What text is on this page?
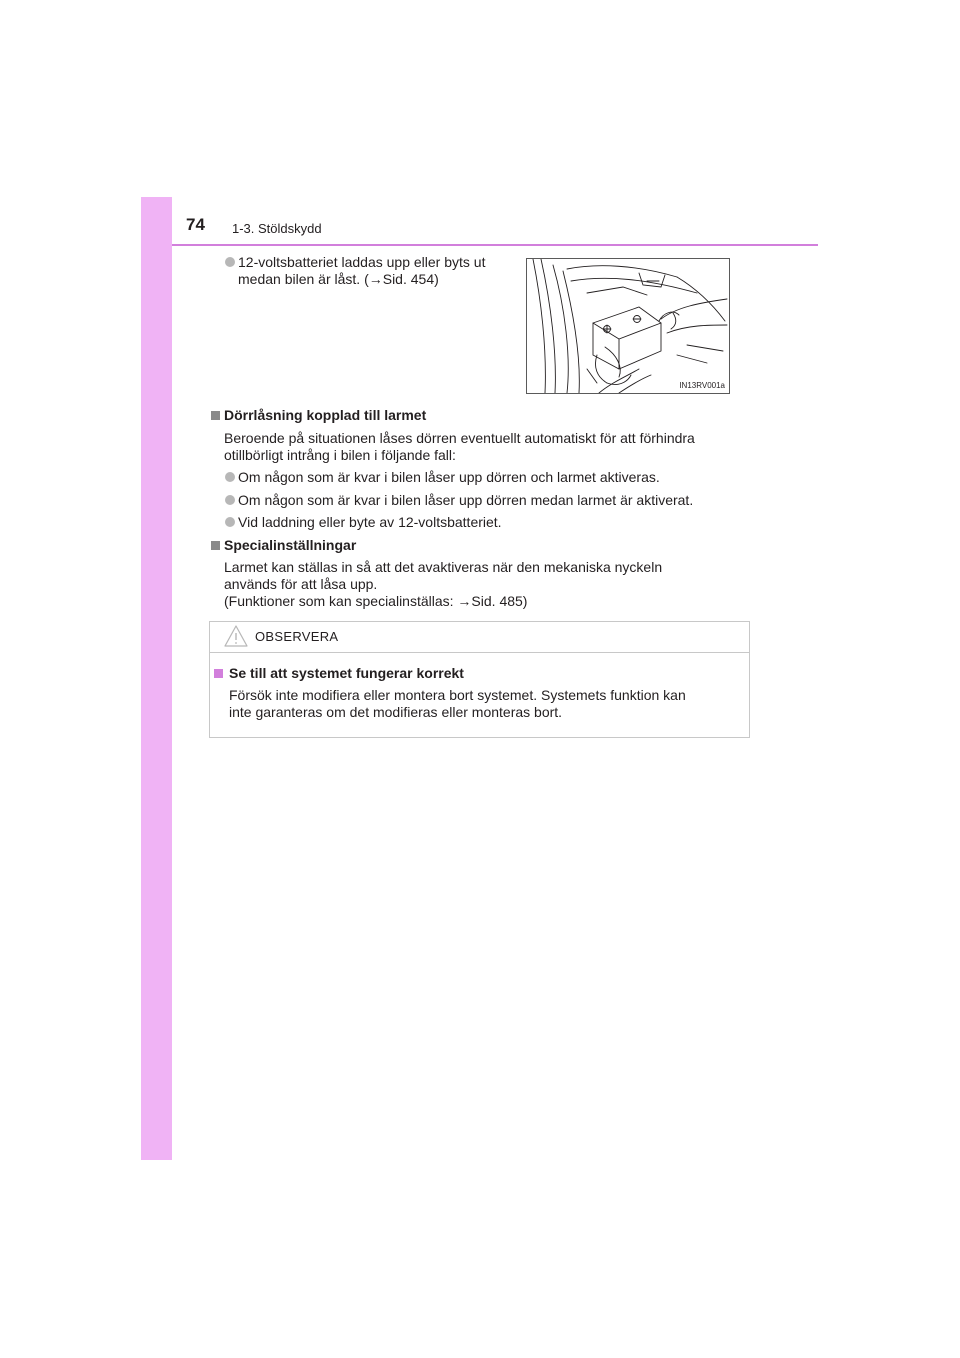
74 1-3. Stöldskydd
12-voltsbatteriet laddas upp eller byts ut
medan bilen är låst. (→Sid. 454)
IN13RV001a
Dörrlåsning kopplad till larmet
Beroende på situationen låses dörren eventuellt automatiskt för att förhindra
otillbörligt intrång i bilen i följande fall:
Om någon som är kvar i bilen låser upp dörren och larmet aktiveras.
Om någon som är kvar i bilen låser upp dörren medan larmet är aktiverat.
Vid laddning eller byte av 12-voltsbatteriet.
Specialinställningar
Larmet kan ställas in så att det avaktiveras när den mekaniska nyckeln
används för att låsa upp.
(Funktioner som kan specialinställas: →Sid. 485)
OBSERVERA
Se till att systemet fungerar korrekt
Försök inte modifiera eller montera bort systemet. Systemets funktion kan
inte garanteras om det modifieras eller monteras bort.
